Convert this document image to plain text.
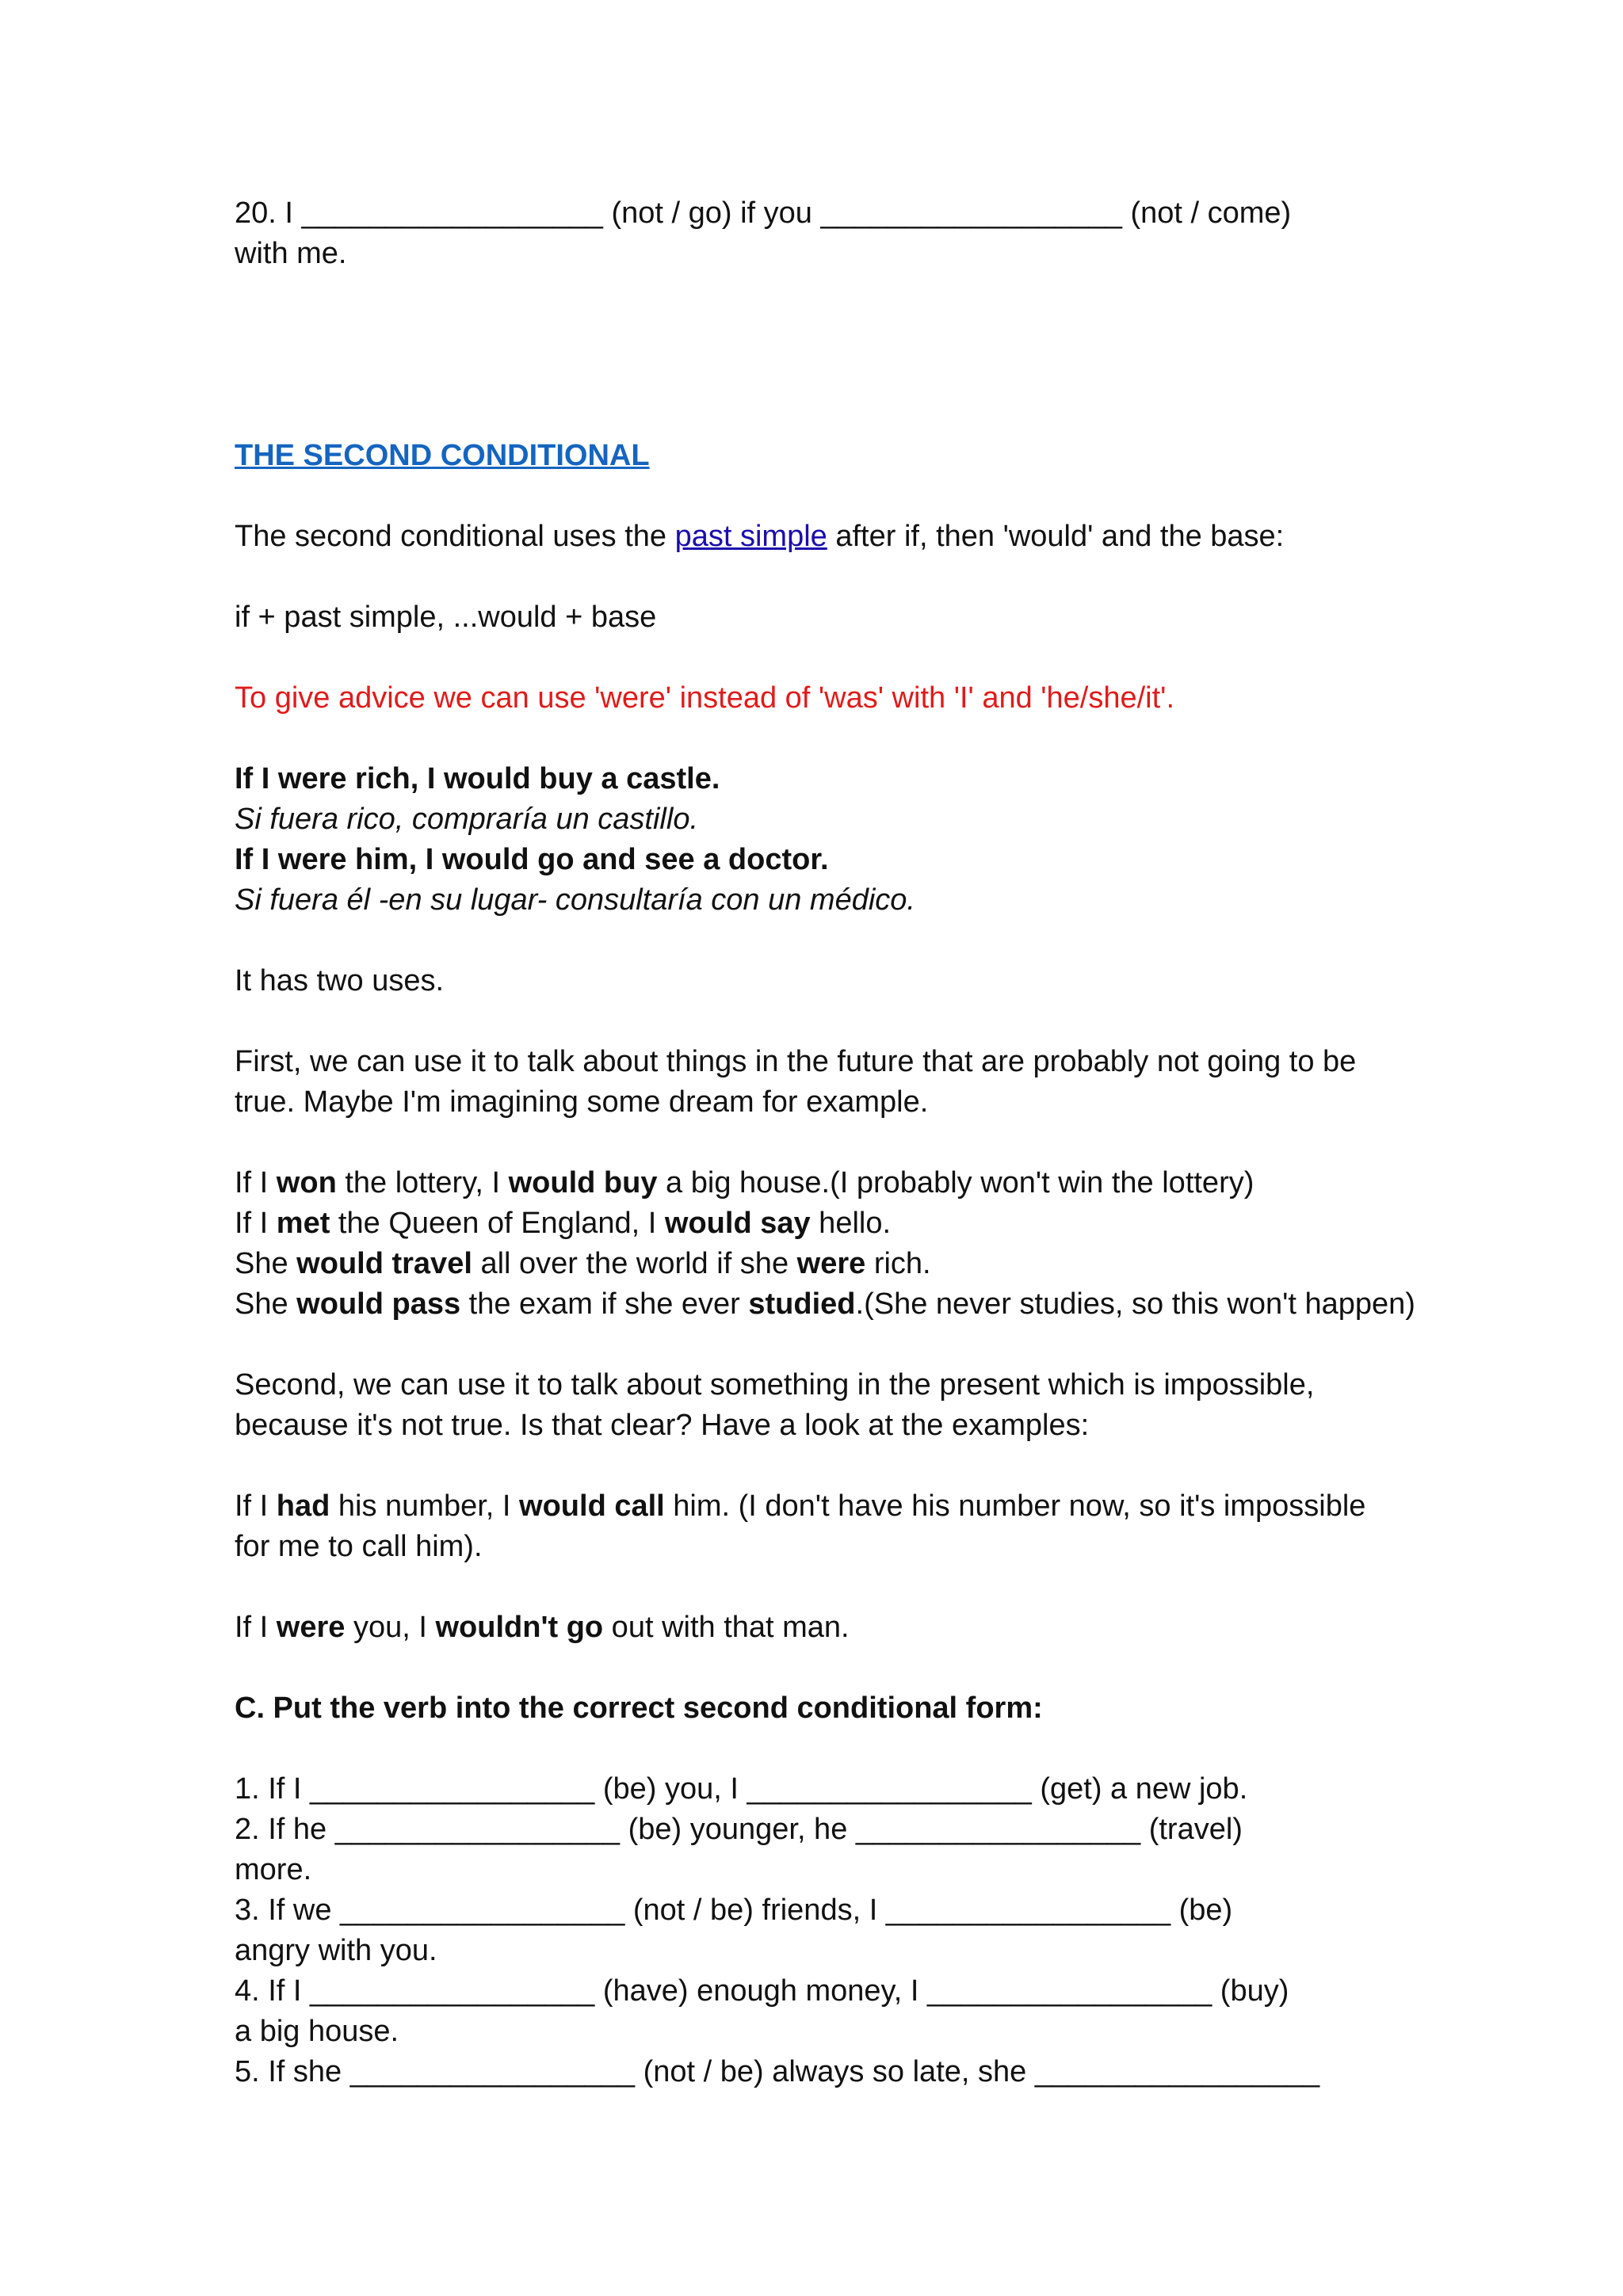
20. I __________________ (not / go) if you __________________ (not / come)
with me.
THE SECOND CONDITIONAL
The second conditional uses the past simple after if, then 'would' and the base:
if + past simple, ...would + base
To give advice we can use 'were' instead of 'was' with 'I' and 'he/she/it'.
If I were rich, I would buy a castle.
Si fuera rico, compraría un castillo.
If I were him, I would go and see a doctor.
Si fuera él -en su lugar- consultaría con un médico.
It has two uses.
First, we can use it to talk about things in the future that are probably not going to be
true. Maybe I'm imagining some dream for example.
If I won the lottery, I would buy a big house.(I probably won't win the lottery)
If I met the Queen of England, I would say hello.
She would travel all over the world if she were rich.
She would pass the exam if she ever studied.(She never studies, so this won't happen)
Second, we can use it to talk about something in the present which is impossible,
because it's not true. Is that clear? Have a look at the examples:
If I had his number, I would call him. (I don't have his number now, so it's impossible
for me to call him).
If I were you, I wouldn't go out with that man.
C. Put the verb into the correct second conditional form:
1. If I _________________ (be) you, I _________________ (get) a new job.
2. If he _________________ (be) younger, he _________________ (travel)
more.
3. If we _________________ (not / be) friends, I _________________ (be)
angry with you.
4. If I _________________ (have) enough money, I _________________ (buy)
a big house.
5. If she _________________ (not / be) always so late, she _________________
